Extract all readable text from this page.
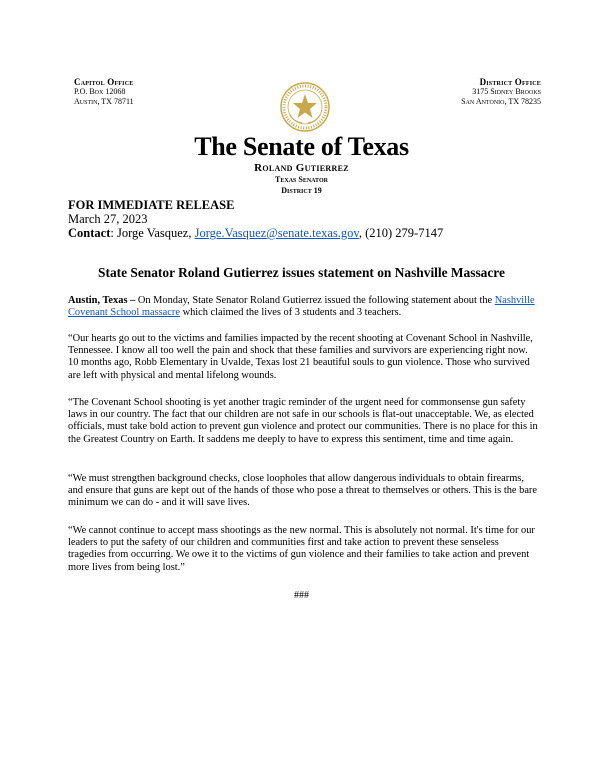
Capitol Office
P.O. Box 12068
Austin, TX 78711
District Office
3175 Sidney Brooks
San Antonio, TX 78235
The Senate of Texas
Roland Gutierrez
Texas Senator
District 19
FOR IMMEDIATE RELEASE
March 27, 2023
Contact: Jorge Vasquez, Jorge.Vasquez@senate.texas.gov, (210) 279-7147
State Senator Roland Gutierrez issues statement on Nashville Massacre
Austin, Texas – On Monday, State Senator Roland Gutierrez issued the following statement about the Nashville Covenant School massacre which claimed the lives of 3 students and 3 teachers.
“Our hearts go out to the victims and families impacted by the recent shooting at Covenant School in Nashville, Tennessee. I know all too well the pain and shock that these families and survivors are experiencing right now. 10 months ago, Robb Elementary in Uvalde, Texas lost 21 beautiful souls to gun violence. Those who survived are left with physical and mental lifelong wounds.
“The Covenant School shooting is yet another tragic reminder of the urgent need for commonsense gun safety laws in our country. The fact that our children are not safe in our schools is flat-out unacceptable. We, as elected officials, must take bold action to prevent gun violence and protect our communities. There is no place for this in the Greatest Country on Earth. It saddens me deeply to have to express this sentiment, time and time again.
“We must strengthen background checks, close loopholes that allow dangerous individuals to obtain firearms, and ensure that guns are kept out of the hands of those who pose a threat to themselves or others. This is the bare minimum we can do - and it will save lives.
“We cannot continue to accept mass shootings as the new normal. This is absolutely not normal. It's time for our leaders to put the safety of our children and communities first and take action to prevent these senseless tragedies from occurring. We owe it to the victims of gun violence and their families to take action and prevent more lives from being lost.”
###
